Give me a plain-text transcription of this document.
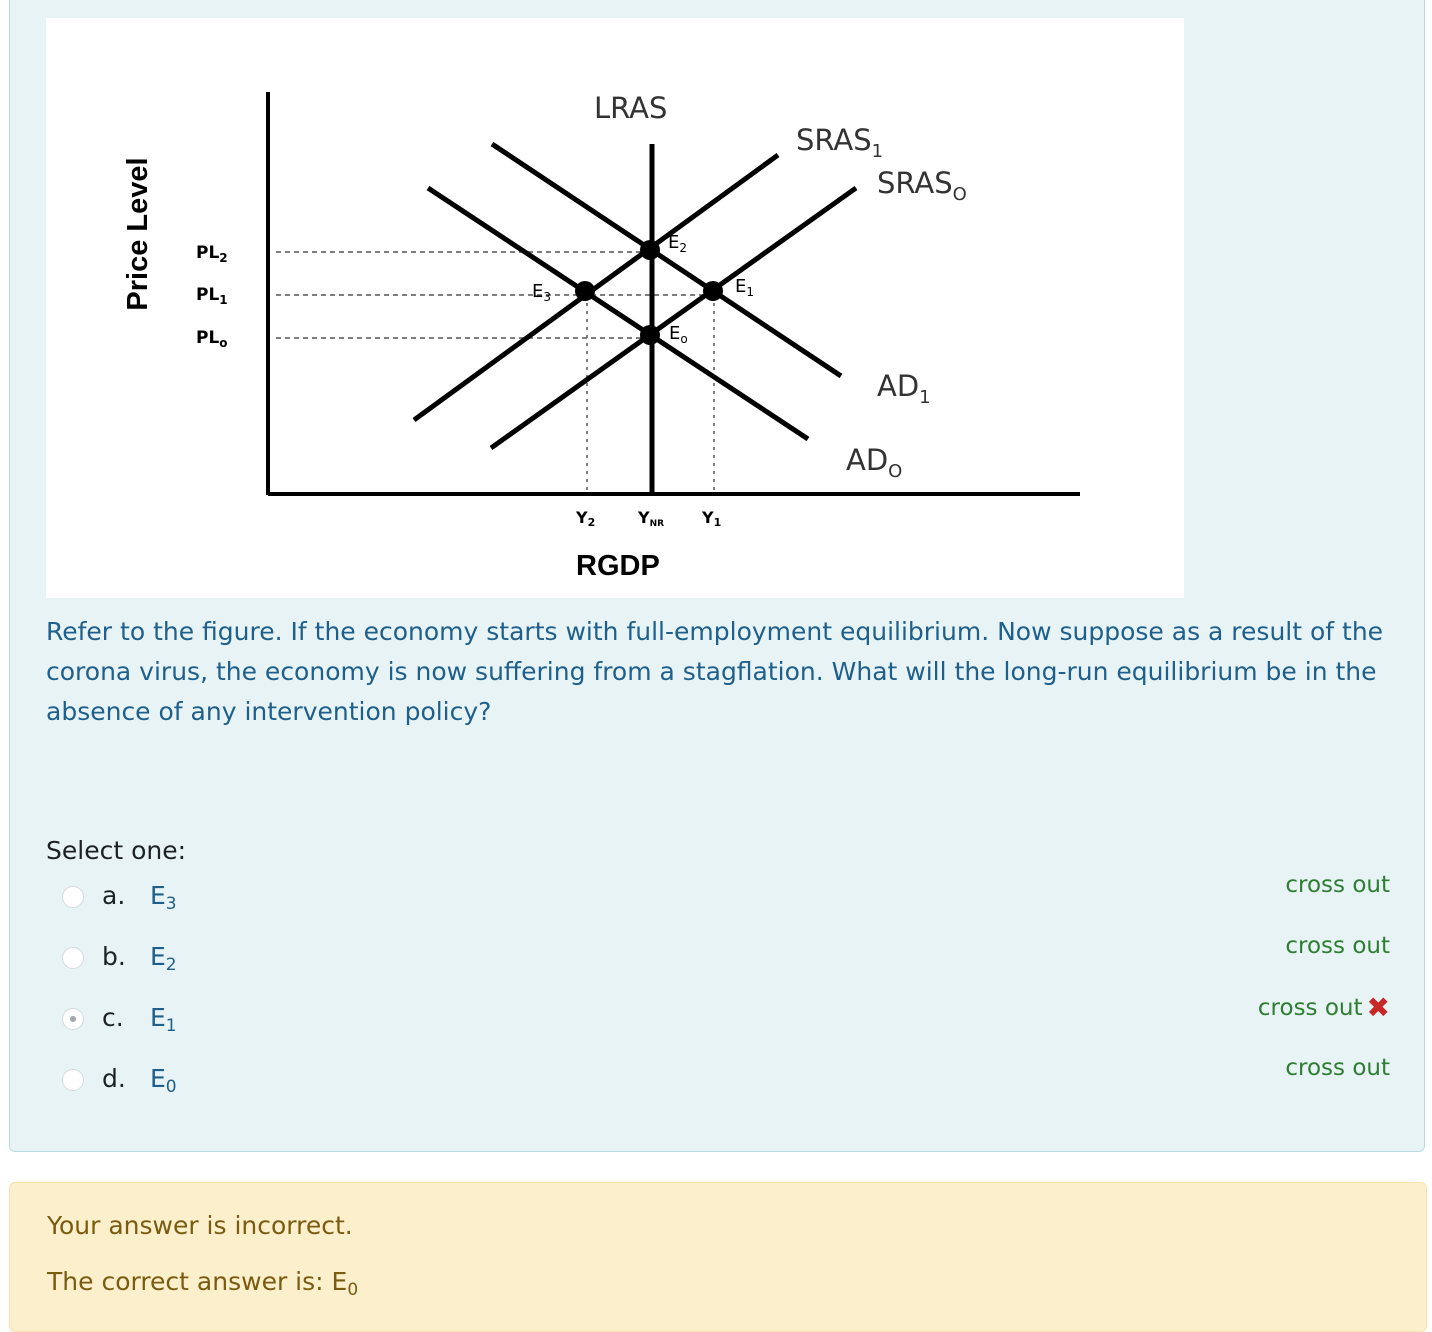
Price Level $PL_2$
$PL_1$
$PL_o$
LRAS
$SRAS_1$
$SRAS_O$
$AD_1$
$AD_O$
$E_2$
$E_3$	$E_1$
$E_o$
Y2	YNR Y1
RGDP

Refer to the figure. If the economy starts with full-employment equilibrium. Now suppose as a result of the corona virus, the economy is now suffering from a stagflation. What will the long-run equilibrium be in the absence of any intervention policy?

Select one:
a. $E_3$
cross out
b. $E_2$
cross out
c. $E_1$
cross out ✖
d. $E_0$
cross out
Your answer is incorrect.
The correct answer is: $E_0$
